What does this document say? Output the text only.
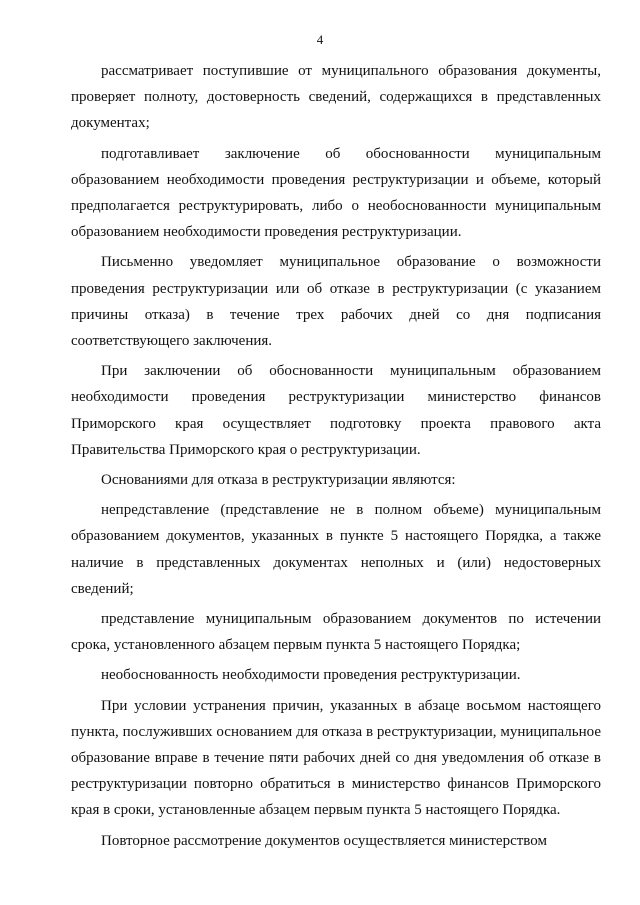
4

рассматривает поступившие от муниципального образования документы, проверяет полноту, достоверность сведений, содержащихся в представленных документах;

подготавливает заключение об обоснованности муниципальным образованием необходимости проведения реструктуризации и объеме, который предполагается реструктурировать, либо о необоснованности муниципальным образованием необходимости проведения реструктуризации.

Письменно уведомляет муниципальное образование о возможности проведения реструктуризации или об отказе в реструктуризации (с указанием причины отказа) в течение трех рабочих дней со дня подписания соответствующего заключения.

При заключении об обоснованности муниципальным образованием необходимости проведения реструктуризации министерство финансов Приморского края осуществляет подготовку проекта правового акта Правительства Приморского края о реструктуризации.

Основаниями для отказа в реструктуризации являются:

непредставление (представление не в полном объеме) муниципальным образованием документов, указанных в пункте 5 настоящего Порядка, а также наличие в представленных документах неполных и (или) недостоверных сведений;

представление муниципальным образованием документов по истечении срока, установленного абзацем первым пункта 5 настоящего Порядка;

необоснованность необходимости проведения реструктуризации.

При условии устранения причин, указанных в абзаце восьмом настоящего пункта, послуживших основанием для отказа в реструктуризации, муниципальное образование вправе в течение пяти рабочих дней со дня уведомления об отказе в реструктуризации повторно обратиться в министерство финансов Приморского края в сроки, установленные абзацем первым пункта 5 настоящего Порядка.

Повторное рассмотрение документов осуществляется министерством
